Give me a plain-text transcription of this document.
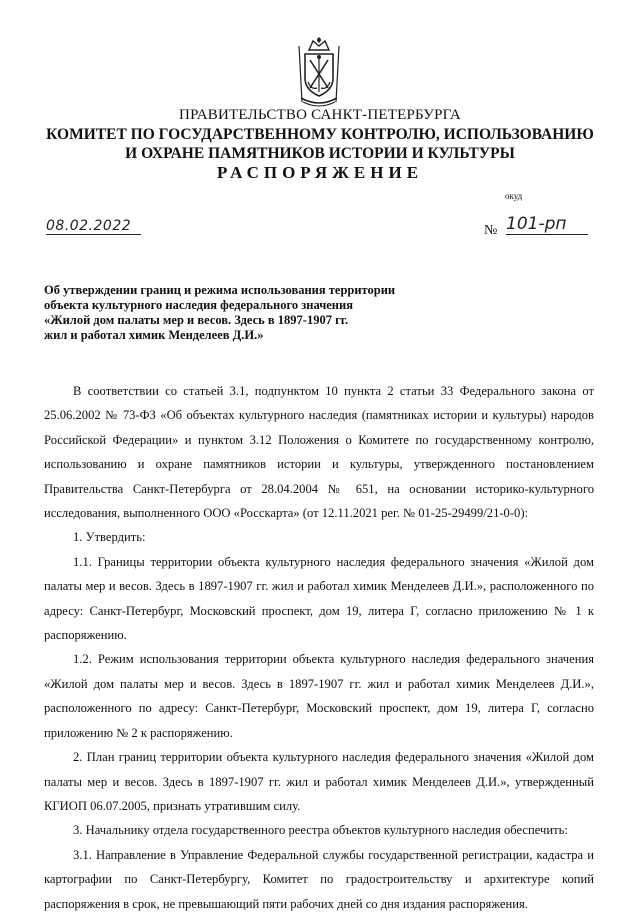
ПРАВИТЕЛЬСТВО САНКТ-ПЕТЕРБУРГА
КОМИТЕТ ПО ГОСУДАРСТВЕННОМУ КОНТРОЛЮ, ИСПОЛЬЗОВАНИЮ
И ОХРАНЕ ПАМЯТНИКОВ ИСТОРИИ И КУЛЬТУРЫ
РАСПОРЯЖЕНИЕ
окуд
08.02.2022	№ 101-рп
Об утверждении границ и режима использования территории
объекта культурного наследия федерального значения
«Жилой дом палаты мер и весов. Здесь в 1897-1907 гг.
жил и работал химик Менделеев Д.И.»

В соответствии со статьей 3.1, подпунктом 10 пункта 2 статьи 33 Федерального закона от 25.06.2002 № 73-ФЗ «Об объектах культурного наследия (памятниках истории и культуры) народов Российской Федерации» и пунктом 3.12 Положения о Комитете по государственному контролю, использованию и охране памятников истории и культуры, утвержденного постановлением Правительства Санкт-Петербурга от 28.04.2004 № 651, на основании историко-культурного исследования, выполненного ООО «Росскарта» (от 12.11.2021 рег. № 01-25-29499/21-0-0):

1. Утвердить:

1.1. Границы территории объекта культурного наследия федерального значения «Жилой дом палаты мер и весов. Здесь в 1897-1907 гг. жил и работал химик Менделеев Д.И.», расположенного по адресу: Санкт-Петербург, Московский проспект, дом 19, литера Г, согласно приложению № 1 к распоряжению.

1.2. Режим использования территории объекта культурного наследия федерального значения «Жилой дом палаты мер и весов. Здесь в 1897-1907 гг. жил и работал химик Менделеев Д.И.», расположенного по адресу: Санкт-Петербург, Московский проспект, дом 19, литера Г, согласно приложению № 2 к распоряжению.

2. План границ территории объекта культурного наследия федерального значения «Жилой дом палаты мер и весов. Здесь в 1897-1907 гг. жил и работал химик Менделеев Д.И.», утвержденный КГИОП 06.07.2005, признать утратившим силу.

3. Начальнику отдела государственного реестра объектов культурного наследия обеспечить:

3.1. Направление в Управление Федеральной службы государственной регистрации, кадастра и картографии по Санкт-Петербургу, Комитет по градостроительству и архитектуре копий распоряжения в срок, не превышающий пяти рабочих дней со дня издания распоряжения.
